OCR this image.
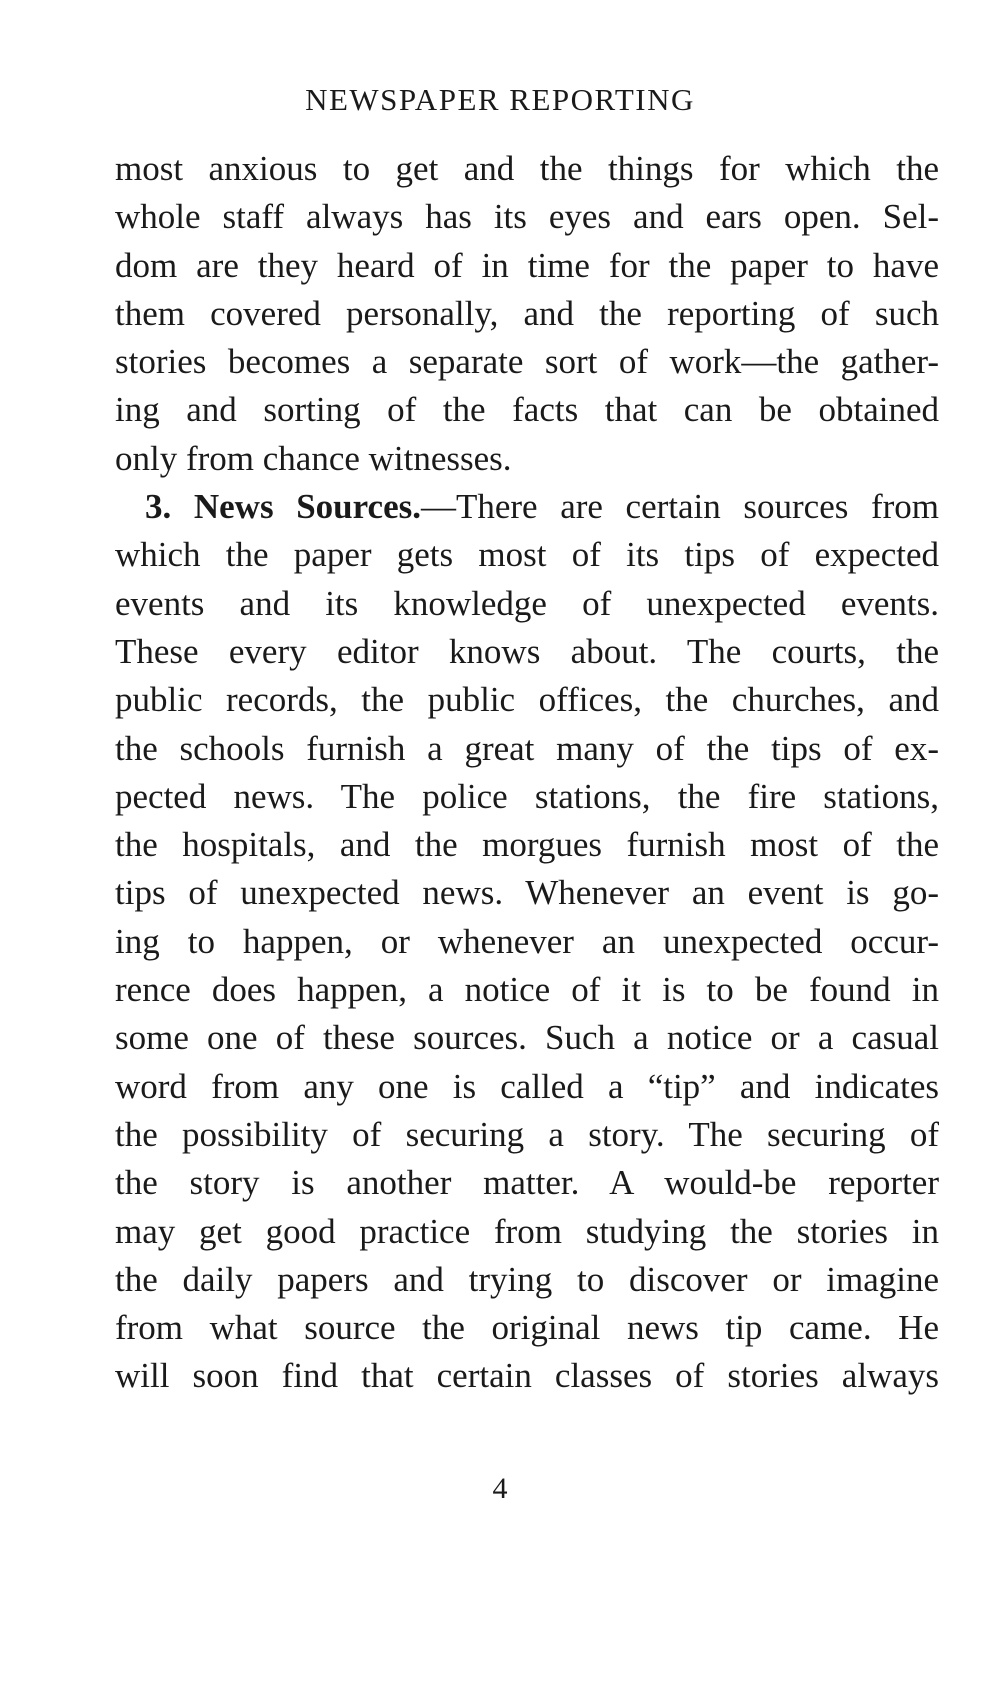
NEWSPAPER REPORTING
most anxious to get and the things for which the
whole staff always has its eyes and ears open. Sel-
dom are they heard of in time for the paper to have
them covered personally, and the reporting of such
stories becomes a separate sort of work—the gather-
ing and sorting of the facts that can be obtained
only from chance witnesses.
3. News Sources.—There are certain sources from
which the paper gets most of its tips of expected
events and its knowledge of unexpected events.
These every editor knows about. The courts, the
public records, the public offices, the churches, and
the schools furnish a great many of the tips of ex-
pected news. The police stations, the fire stations,
the hospitals, and the morgues furnish most of the
tips of unexpected news. Whenever an event is go-
ing to happen, or whenever an unexpected occur-
rence does happen, a notice of it is to be found in
some one of these sources. Such a notice or a casual
word from any one is called a “tip” and indicates
the possibility of securing a story. The securing of
the story is another matter. A would-be reporter
may get good practice from studying the stories in
the daily papers and trying to discover or imagine
from what source the original news tip came. He
will soon find that certain classes of stories always
4
